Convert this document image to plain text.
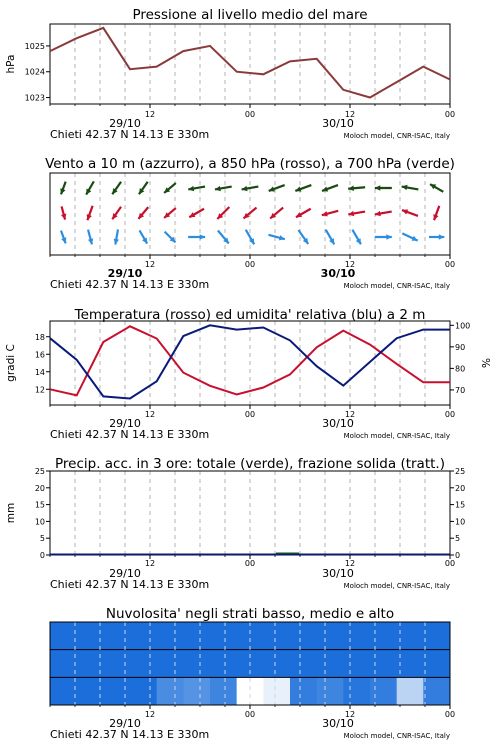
Pressione al livello medio del mare
1023
1024
1025
hPa
12	00	12	00
29/10	30/10
Chieti 42.37 N 14.13 E 330m	Moloch model, CNR-ISAC, Italy
Vento a 10 m (azzurro), a 850 hPa (rosso), a 700 hPa (verde)
12	00	12	00
29/10	30/10
Chieti 42.37 N 14.13 E 330m	Moloch model, CNR-ISAC, Italy
Temperatura (rosso) ed umidita' relativa (blu) a 2 m
12
14
16
18
70
80
90
100
gradi C	%
12	00	12	00
29/10	30/10
Chieti 42.37 N 14.13 E 330m	Moloch model, CNR-ISAC, Italy
Precip. acc. in 3 ore: totale (verde), frazione solida (tratt.)
0
5
10
15
20
25
0
5
10
15
20
25
mm
12	00	12	00
29/10	30/10
Chieti 42.37 N 14.13 E 330m	Moloch model, CNR-ISAC, Italy
Nuvolosita' negli strati basso, medio e alto
12	00	12	00
29/10	30/10
Chieti 42.37 N 14.13 E 330m	Moloch model, CNR-ISAC, Italy
